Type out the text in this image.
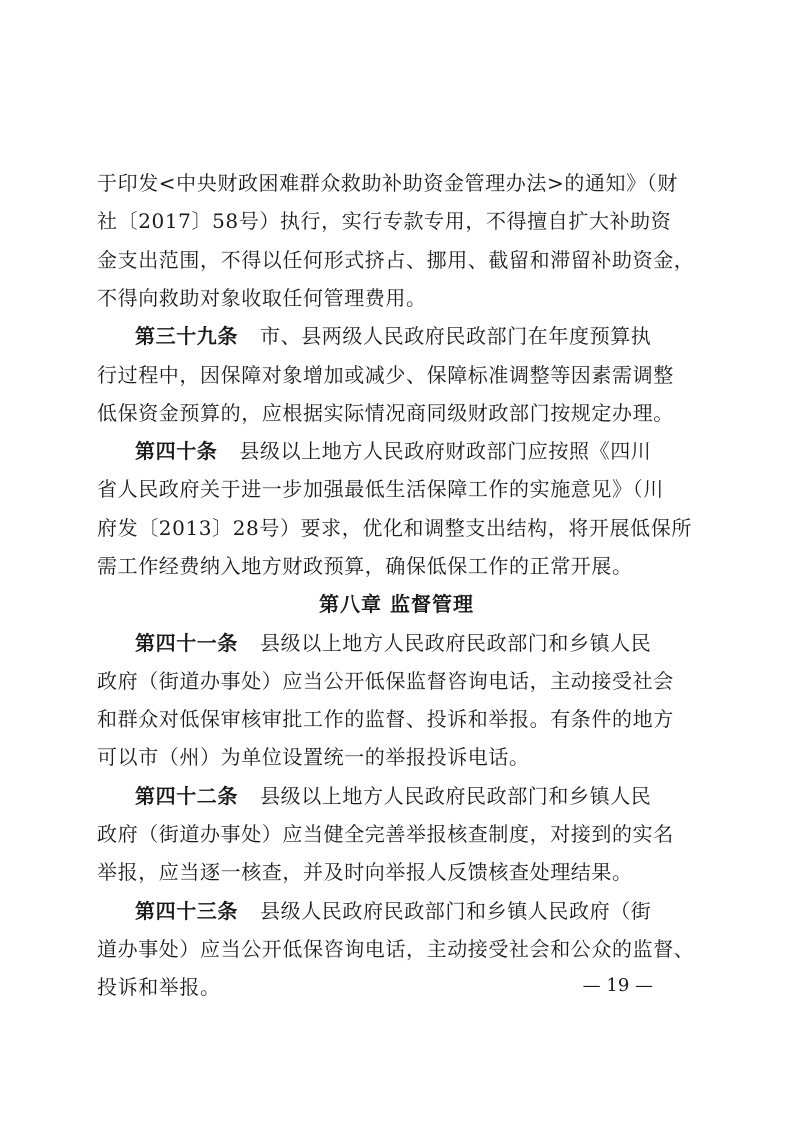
于印发<中央财政困难群众救助补助资金管理办法>的通知》（财
社〔2017〕58号）执行，实行专款专用，不得擅自扩大补助资
金支出范围，不得以任何形式挤占、挪用、截留和滞留补助资金，
不得向救助对象收取任何管理费用。
第三十九条 市、县两级人民政府民政部门在年度预算执
行过程中，因保障对象增加或减少、保障标准调整等因素需调整
低保资金预算的，应根据实际情况商同级财政部门按规定办理。
第四十条 县级以上地方人民政府财政部门应按照《四川
省人民政府关于进一步加强最低生活保障工作的实施意见》（川
府发〔2013〕28号）要求，优化和调整支出结构，将开展低保所
需工作经费纳入地方财政预算，确保低保工作的正常开展。
第八章 监督管理
第四十一条 县级以上地方人民政府民政部门和乡镇人民
政府（街道办事处）应当公开低保监督咨询电话，主动接受社会
和群众对低保审核审批工作的监督、投诉和举报。有条件的地方
可以市（州）为单位设置统一的举报投诉电话。
第四十二条 县级以上地方人民政府民政部门和乡镇人民
政府（街道办事处）应当健全完善举报核查制度，对接到的实名
举报，应当逐一核查，并及时向举报人反馈核查处理结果。
第四十三条 县级人民政府民政部门和乡镇人民政府（街
道办事处）应当公开低保咨询电话，主动接受社会和公众的监督、
投诉和举报。	— 19 —
